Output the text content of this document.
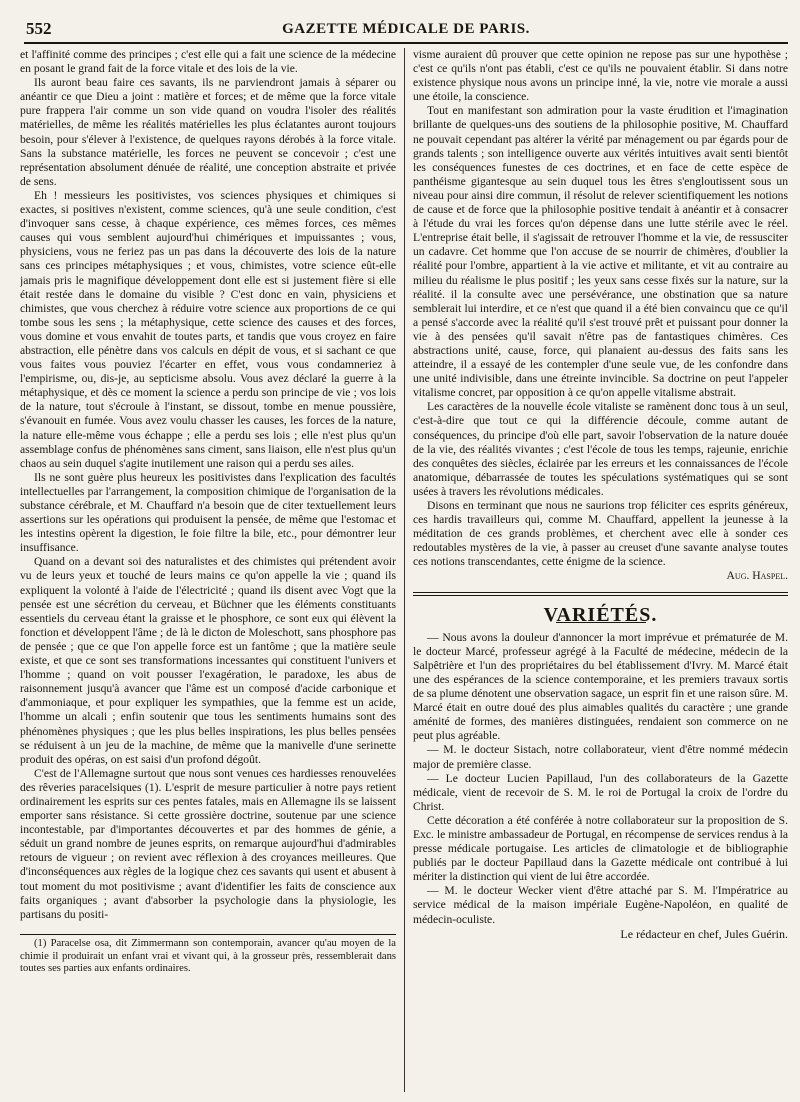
552	GAZETTE MÉDICALE DE PARIS.

et l'affinité comme des principes ; c'est elle qui a fait une science de la médecine en posant le grand fait de la force vitale et des lois de la vie.

Ils auront beau faire ces savants, ils ne parviendront jamais à séparer ou anéantir ce que Dieu a joint : matière et forces; et de même que la force vitale pure frappera l'air comme un son vide quand on voudra l'isoler des réalités matérielles, de même les réalités matérielles les plus éclatantes auront toujours besoin, pour s'élever à l'existence, de quelques rayons dérobés à la force vitale. Sans la substance matérielle, les forces ne peuvent se concevoir ; c'est une représentation absolument dénuée de réalité, une conception abstraite et privée de sens.

Eh ! messieurs les positivistes, vos sciences physiques et chimiques si exactes, si positives n'existent, comme sciences, qu'à une seule condition, c'est d'invoquer sans cesse, à chaque expérience, ces mêmes forces, ces mêmes causes qui vous semblent aujourd'hui chimériques et impuissantes ; vous, physiciens, vous ne feriez pas un pas dans la découverte des lois de la nature sans ces principes métaphysiques ; et vous, chimistes, votre science eût-elle jamais pris le magnifique développement dont elle est si justement fière si elle était restée dans le domaine du visible ? C'est donc en vain, physiciens et chimistes, que vous cherchez à réduire votre science aux proportions de ce qui tombe sous les sens ; la métaphysique, cette science des causes et des forces, vous domine et vous envahit de toutes parts, et tandis que vous croyez en faire abstraction, elle pénètre dans vos calculs en dépit de vous, et si sachant ce que vous faites vous pouviez l'écarter en effet, vous vous condamneriez à l'empirisme, ou, dis-je, au septicisme absolu. Vous avez déclaré la guerre à la métaphysique, et dès ce moment la science a perdu son principe de vie ; vos lois de la nature, tout s'écroule à l'instant, se dissout, tombe en menue poussière, s'évanouit en fumée. Vous avez voulu chasser les causes, les forces de la nature, la nature elle-même vous échappe ; elle a perdu ses lois ; elle n'est plus qu'un assemblage confus de phénomènes sans ciment, sans liaison, elle n'est plus qu'un chaos au sein duquel s'agite inutilement une raison qui a perdu ses ailes.

Ils ne sont guère plus heureux les positivistes dans l'explication des facultés intellectuelles par l'arrangement, la composition chimique de l'organisation de la substance cérébrale, et M. Chauffard n'a besoin que de citer textuellement leurs assertions sur les opérations qui produisent la pensée, de même que l'estomac et les intestins opèrent la digestion, le foie filtre la bile, etc., pour démontrer leur insuffisance.

Quand on a devant soi des naturalistes et des chimistes qui prétendent avoir vu de leurs yeux et touché de leurs mains ce qu'on appelle la vie ; quand ils expliquent la volonté à l'aide de l'électricité ; quand ils disent avec Vogt que la pensée est une sécrétion du cerveau, et Büchner que les éléments constituants essentiels du cerveau étant la graisse et le phosphore, ce sont eux qui élèvent la fonction et développent l'âme ; de là le dicton de Moleschott, sans phosphore pas de pensée ; que ce que l'on appelle force est un fantôme ; que la matière seule existe, et que ce sont ses transformations incessantes qui constituent l'univers et l'homme ; quand on voit pousser l'exagération, le paradoxe, les abus de raisonnement jusqu'à avancer que l'âme est un composé d'acide carbonique et d'ammoniaque, et pour expliquer les sympathies, que la femme est un acide, l'homme un alcali ; enfin soutenir que tous les sentiments humains sont des phénomènes physiques ; que les plus belles inspirations, les plus belles pensées se réduisent à un jeu de la machine, de même que la manivelle d'une serinette produit des opéras, on est saisi d'un profond dégoût.

C'est de l'Allemagne surtout que nous sont venues ces hardiesses renouvelées des rêveries paracelsiques (1). L'esprit de mesure particulier à notre pays retient ordinairement les esprits sur ces pentes fatales, mais en Allemagne ils se laissent emporter sans résistance. Si cette grossière doctrine, soutenue par une science incontestable, par d'importantes découvertes et par des hommes de génie, a séduit un grand nombre de jeunes esprits, on remarque aujourd'hui d'admirables retours de vigueur ; on revient avec réflexion à des croyances meilleures. Que d'inconséquences aux règles de la logique chez ces savants qui usent et abusent à tout moment du mot positivisme ; avant d'identifier les faits de conscience aux faits organiques ; avant d'absorber la psychologie dans la physiologie, les partisans du positi-

(1) Paracelse osa, dit Zimmermann son contemporain, avancer qu'au moyen de la chimie il produirait un enfant vrai et vivant qui, à la grosseur près, ressemblerait dans toutes ses parties aux enfants ordinaires.

visme auraient dû prouver que cette opinion ne repose pas sur une hypothèse ; c'est ce qu'ils n'ont pas établi, c'est ce qu'ils ne pouvaient établir. Si dans notre existence physique nous avons un principe inné, la vie, notre vie morale a aussi une étoile, la conscience.

Tout en manifestant son admiration pour la vaste érudition et l'imagination brillante de quelques-uns des soutiens de la philosophie positive, M. Chauffard ne pouvait cependant pas altérer la vérité par ménagement ou par égards pour de grands talents ; son intelligence ouverte aux vérités intuitives avait senti bientôt les conséquences funestes de ces doctrines, et en face de cette espèce de panthéisme gigantesque au sein duquel tous les êtres s'engloutissent sous un niveau pour ainsi dire commun, il résolut de relever scientifiquement les notions de cause et de force que la philosophie positive tendait à anéantir et à consacrer à l'étude du vrai les forces qu'on dépense dans une lutte stérile avec le réel. L'entreprise était belle, il s'agissait de retrouver l'homme et la vie, de ressusciter un cadavre. Cet homme que l'on accuse de se nourrir de chimères, d'oublier la réalité pour l'ombre, appartient à la vie active et militante, et vit au contraire au milieu du réalisme le plus positif ; les yeux sans cesse fixés sur la nature, sur la réalité. il la consulte avec une persévérance, une obstination que sa nature semblerait lui interdire, et ce n'est que quand il a été bien convaincu que ce qu'il a pensé s'accorde avec la réalité qu'il s'est trouvé prêt et puissant pour donner la vie à des pensées qu'il savait n'être pas de fantastiques chimères. Ces abstractions unité, cause, force, qui planaient au-dessus des faits sans les atteindre, il a essayé de les contempler d'une seule vue, de les confondre dans une unité indivisible, dans une étreinte invincible. Sa doctrine on peut l'appeler vitalisme concret, par opposition à ce qu'on appelle vitalisme abstrait.

Les caractères de la nouvelle école vitaliste se ramènent donc tous à un seul, c'est-à-dire que tout ce qui la différencie découle, comme autant de conséquences, du principe d'où elle part, savoir l'observation de la nature douée de la vie, des réalités vivantes ; c'est l'école de tous les temps, rajeunie, enrichie des conquêtes des siècles, éclairée par les erreurs et les connaissances de l'école anatomique, débarrassée de toutes les spéculations systématiques qui se sont usées à travers les révolutions médicales.

Disons en terminant que nous ne saurions trop féliciter ces esprits généreux, ces hardis travailleurs qui, comme M. Chauffard, appellent la jeunesse à la méditation de ces grands problèmes, et cherchent avec elle à sonder ces redoutables mystères de la vie, à passer au creuset d'une savante analyse toutes ces notions transcendantes, cette énigme de la science.

Aug. Haspel.

VARIÉTÉS.

— Nous avons la douleur d'annoncer la mort imprévue et prématurée de M. le docteur Marcé, professeur agrégé à la Faculté de médecine, médecin de la Salpêtrière et l'un des propriétaires du bel établissement d'Ivry. M. Marcé était une des espérances de la science contemporaine, et les premiers travaux sortis de sa plume dénotent une observation sagace, un esprit fin et une raison sûre. M. Marcé était en outre doué des plus aimables qualités du caractère ; une grande aménité de formes, des manières distinguées, rendaient son commerce on ne peut plus agréable.

— M. le docteur Sistach, notre collaborateur, vient d'être nommé médecin major de première classe.

— Le docteur Lucien Papillaud, l'un des collaborateurs de la Gazette médicale, vient de recevoir de S. M. le roi de Portugal la croix de l'ordre du Christ.

Cette décoration a été conférée à notre collaborateur sur la proposition de S. Exc. le ministre ambassadeur de Portugal, en récompense de services rendus à la presse médicale portugaise. Les articles de climatologie et de bibliographie publiés par le docteur Papillaud dans la Gazette médicale ont contribué à lui mériter la distinction qui vient de lui être accordée.

— M. le docteur Wecker vient d'être attaché par S. M. l'Impératrice au service médical de la maison impériale Eugène-Napoléon, en qualité de médecin-oculiste.

Le rédacteur en chef, Jules Guérin.
